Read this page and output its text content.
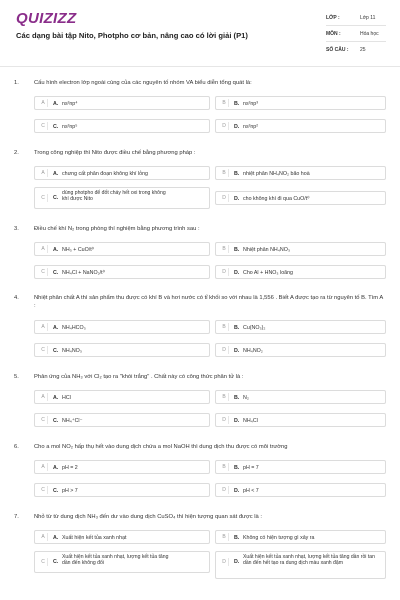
QUIZIZZ
Các dạng bài tập Nito, Photpho cơ bản, nâng cao có lời giải (P1)
LỚP :	Lớp 11
MÔN :	Hóa học
SỐ CÂU : 25
1.	Cấu hình electron lớp ngoài cùng của các nguyên tố nhóm VA biểu diễn tổng quát là:
A	A. ns²np⁴	B	B. ns²np³
C	C. ns²np⁵	D	D. ns²np²
2.	Trong công nghiệp thì Nito được điều chế bằng phương pháp :
A	A. chưng cất phân đoạn không khí lỏng	B	B. nhiệt phân NH₄NO₂ bão hoà
C	C.
dùng photpho để đốt cháy hết oxi trong không khí được Nito	D	D. cho không khí đi qua CuO/t⁰
3.	Điều chế khí N₂ trong phòng thí nghiệm bằng phương trình sau :
A	A. NH₃ + CuO/t⁰	B	B. Nhiệt phân NH₄NO₃
C	C. NH₄Cl + NaNO₂/t⁰	D	D. Cho Al + HNO₃ loãng
4.	Nhiệt phân chất A thì sản phẩm thu được có khí B và hơi nước có tỉ khối so với nhau là 1,556 . Biết A được tạo ra từ nguyên tố B. Tìm A :
A	A. NH₄HCO₃	B	B. Cu(NO₃)₂
C	C. NH₄NO₃	D	D. NH₄NO₂
5.	Phản ứng của NH₃ với Cl₂ tạo ra "khói trắng" . Chất này có công thức phân tử là :
A	A. HCl	B	B. N₂
C	C. NH₄⁺Cl⁻	D	D. NH₄Cl
6.	Cho a mol NO₂ hấp thụ hết vào dung dịch chứa a mol NaOH thì dung dịch thu được có môi trường
A	A. pH = 2	B	B. pH = 7
C	C. pH > 7	D	D. pH < 7
7.	Nhỏ từ từ dung dịch NH₃ đến dư vào dung dịch CuSO₄ thì hiện tượng quan sát được là :
A	A. Xuất hiện kết tủa xanh nhạt	B	B. Không có hiện tượng gì xảy ra
C	C.
Xuất hiện kết tủa xanh nhạt, lượng kết tủa tăng dần đến không đổi	D	D.
Xuất hiện kết tủa xanh nhạt, lượng kết tủa tăng dần rồi tan dần đến hết tạo ra dung dịch màu xanh đậm
